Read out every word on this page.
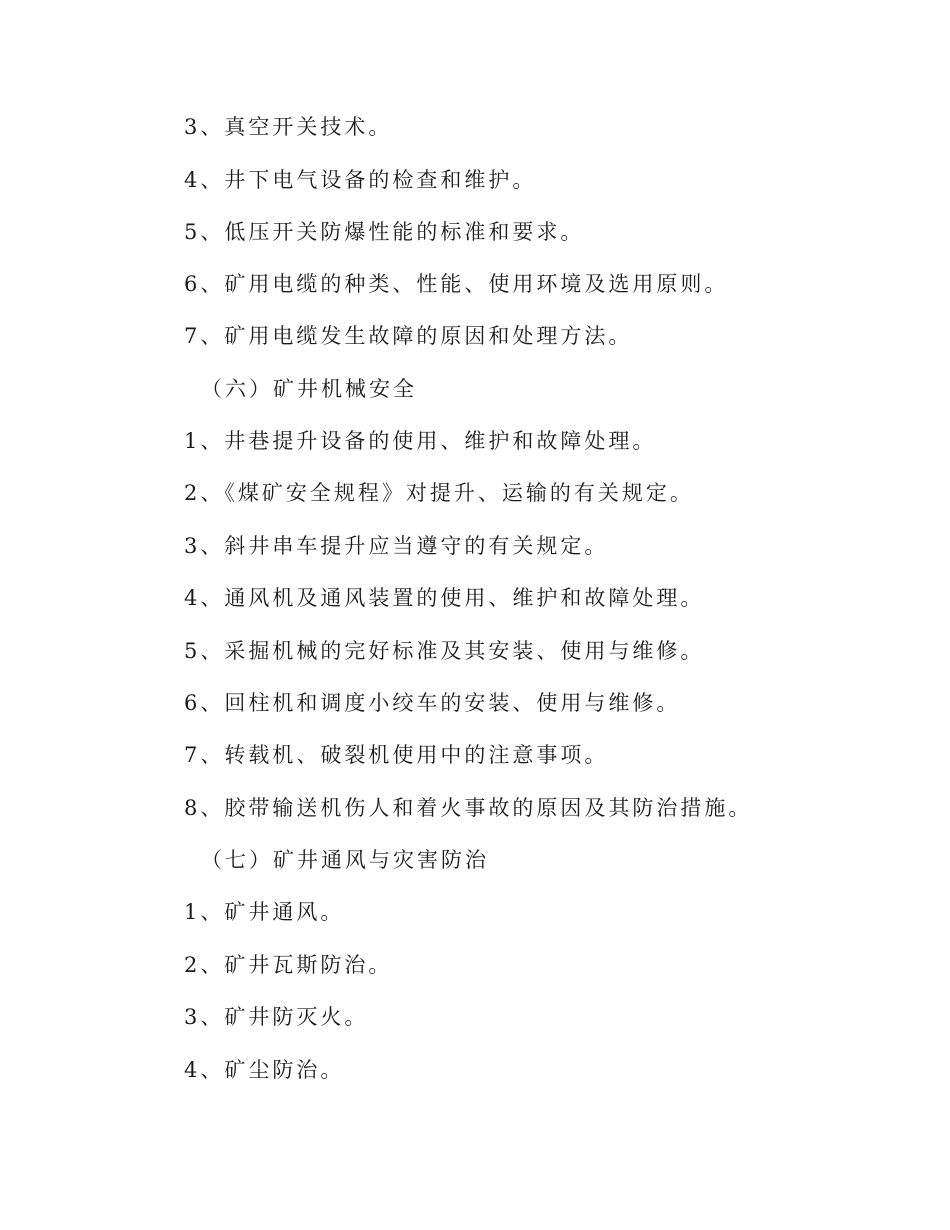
3、真空开关技术。
4、井下电气设备的检查和维护。
5、低压开关防爆性能的标准和要求。
6、矿用电缆的种类、性能、使用环境及选用原则。
7、矿用电缆发生故障的原因和处理方法。
（六）矿井机械安全
1、井巷提升设备的使用、维护和故障处理。
2、《煤矿安全规程》对提升、运输的有关规定。
3、斜井串车提升应当遵守的有关规定。
4、通风机及通风装置的使用、维护和故障处理。
5、采掘机械的完好标准及其安装、使用与维修。
6、回柱机和调度小绞车的安装、使用与维修。
7、转载机、破裂机使用中的注意事项。
8、胶带输送机伤人和着火事故的原因及其防治措施。
（七）矿井通风与灾害防治
1、矿井通风。
2、矿井瓦斯防治。
3、矿井防灭火。
4、矿尘防治。
